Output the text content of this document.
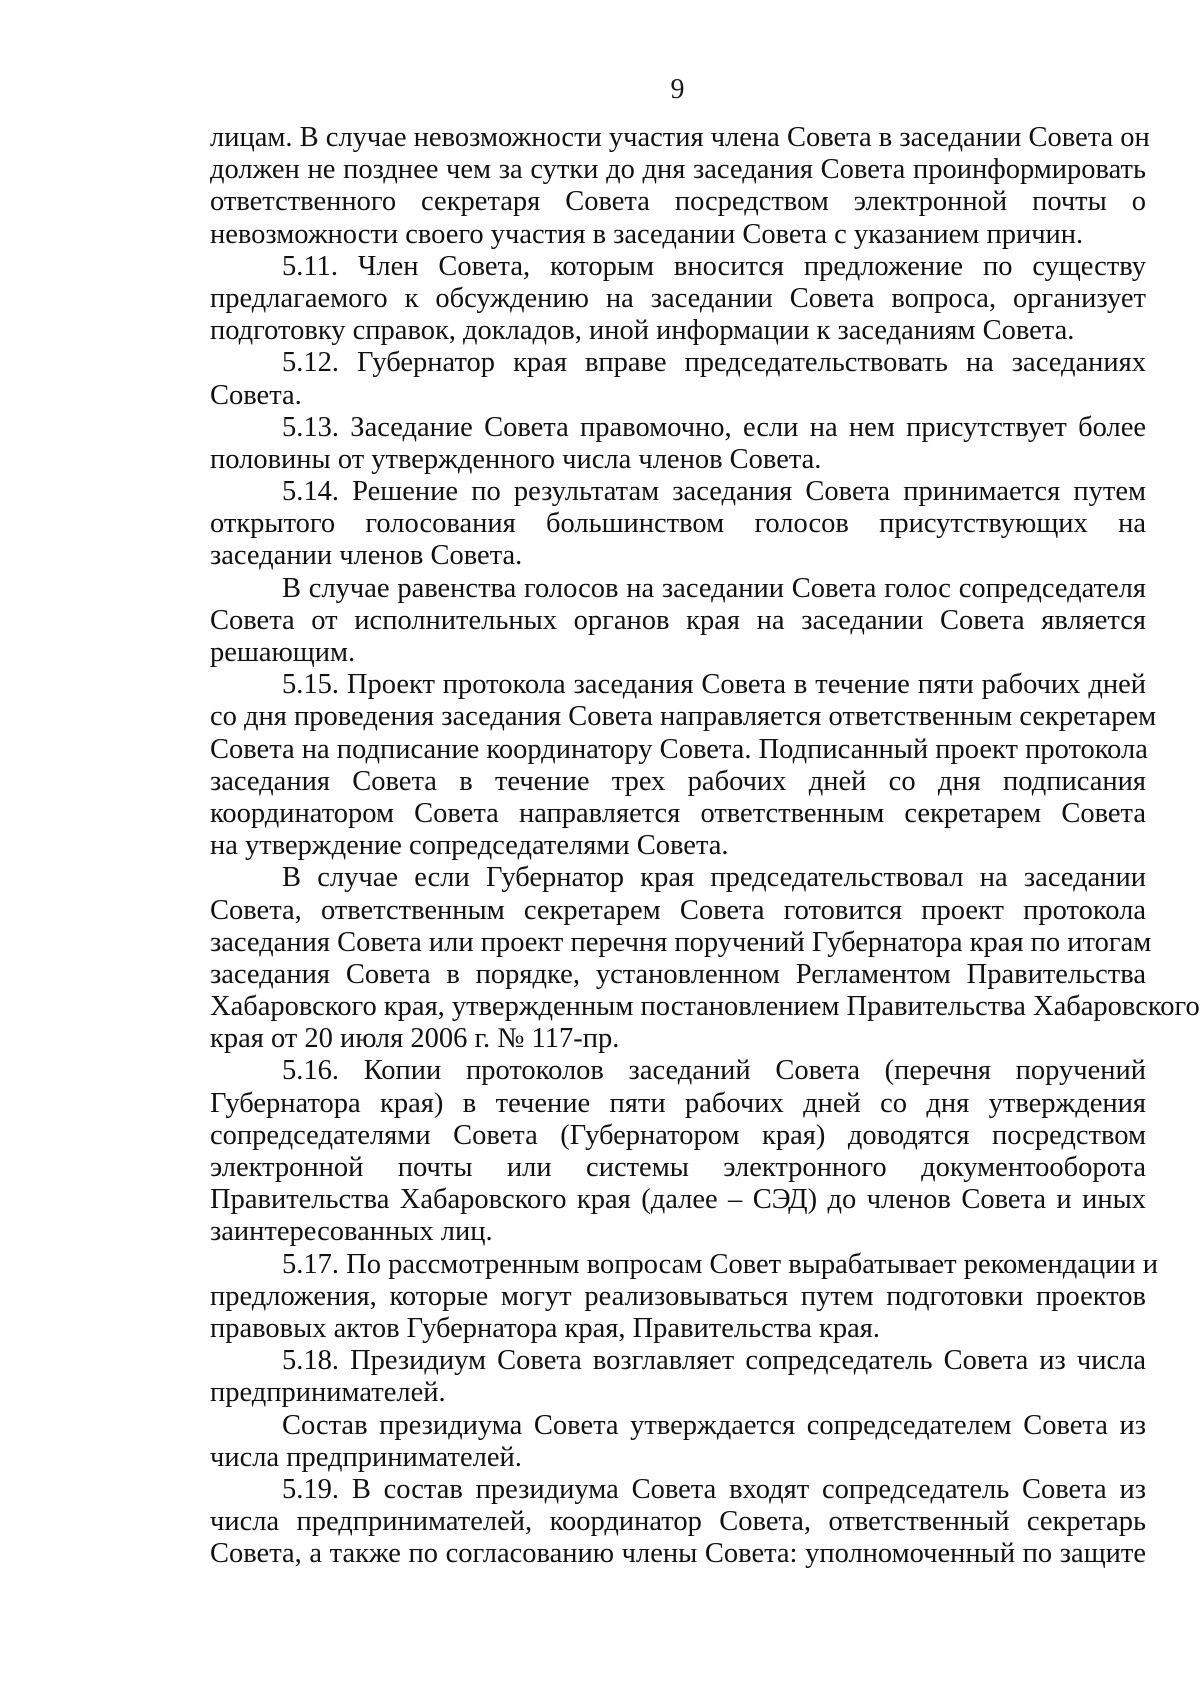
9
лицам. В случае невозможности участия члена Совета в заседании Совета он
должен не позднее чем за сутки до дня заседания Совета проинформировать
ответственного секретаря Совета посредством электронной почты о
невозможности своего участия в заседании Совета с указанием причин.
5.11. Член Совета, которым вносится предложение по существу
предлагаемого к обсуждению на заседании Совета вопроса, организует
подготовку справок, докладов, иной информации к заседаниям Совета.
5.12. Губернатор края вправе председательствовать на заседаниях
Совета.
5.13. Заседание Совета правомочно, если на нем присутствует более
половины от утвержденного числа членов Совета.
5.14. Решение по результатам заседания Совета принимается путем
открытого голосования большинством голосов присутствующих на
заседании членов Совета.
В случае равенства голосов на заседании Совета голос сопредседателя
Совета от исполнительных органов края на заседании Совета является
решающим.
5.15. Проект протокола заседания Совета в течение пяти рабочих дней
со дня проведения заседания Совета направляется ответственным секретарем
Совета на подписание координатору Совета. Подписанный проект протокола
заседания Совета в течение трех рабочих дней со дня подписания
координатором Совета направляется ответственным секретарем Совета
на утверждение сопредседателями Совета.
В случае если Губернатор края председательствовал на заседании
Совета, ответственным секретарем Совета готовится проект протокола
заседания Совета или проект перечня поручений Губернатора края по итогам
заседания Совета в порядке, установленном Регламентом Правительства
Хабаровского края, утвержденным постановлением Правительства Хабаровского
края от 20 июля 2006 г. № 117-пр.
5.16. Копии протоколов заседаний Совета (перечня поручений
Губернатора края) в течение пяти рабочих дней со дня утверждения
сопредседателями Совета (Губернатором края) доводятся посредством
электронной почты или системы электронного документооборота
Правительства Хабаровского края (далее – СЭД) до членов Совета и иных
заинтересованных лиц.
5.17. По рассмотренным вопросам Совет вырабатывает рекомендации и
предложения, которые могут реализовываться путем подготовки проектов
правовых актов Губернатора края, Правительства края.
5.18. Президиум Совета возглавляет сопредседатель Совета из числа
предпринимателей.
Состав президиума Совета утверждается сопредседателем Совета из
числа предпринимателей.
5.19. В состав президиума Совета входят сопредседатель Совета из
числа предпринимателей, координатор Совета, ответственный секретарь
Совета, а также по согласованию члены Совета: уполномоченный по защите
